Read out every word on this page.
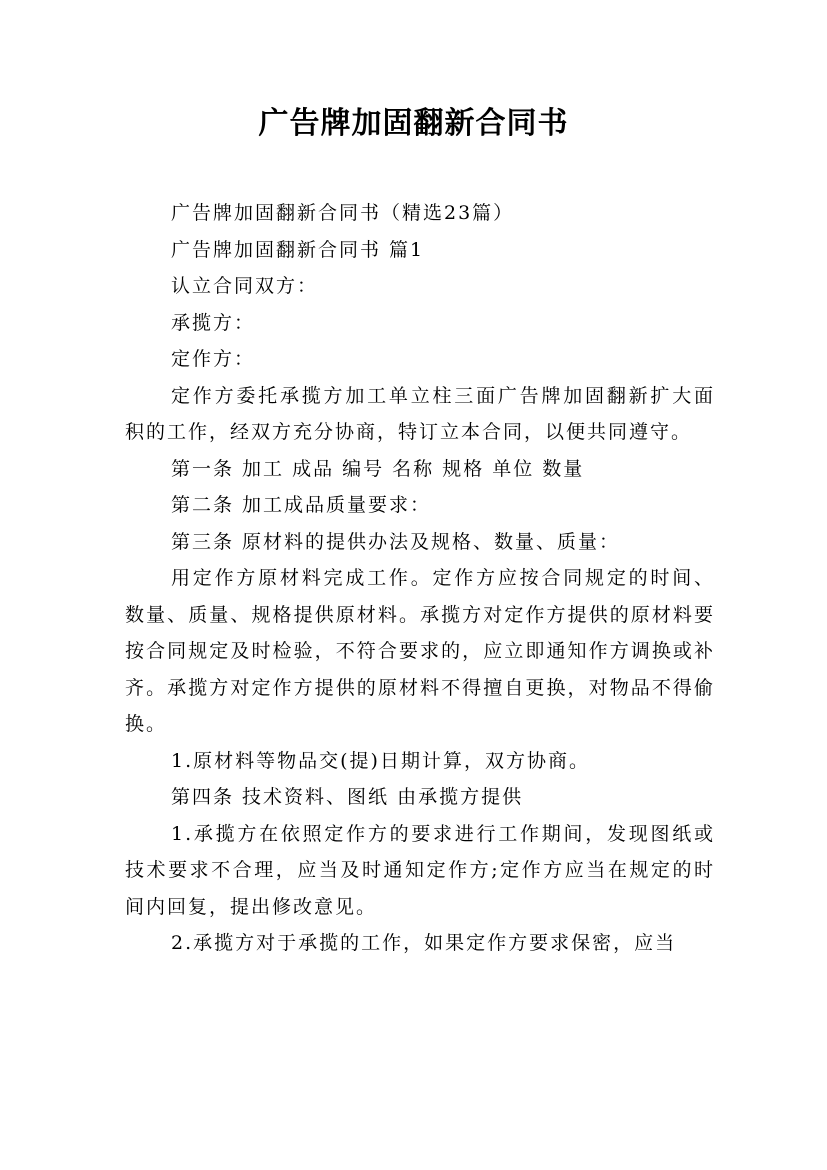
广告牌加固翻新合同书

广告牌加固翻新合同书（精选23篇）

广告牌加固翻新合同书 篇1

认立合同双方：

承揽方：

定作方：

定作方委托承揽方加工单立柱三面广告牌加固翻新扩大面积的工作，经双方充分协商，特订立本合同，以便共同遵守。

第一条 加工 成品 编号 名称 规格 单位 数量

第二条 加工成品质量要求：

第三条 原材料的提供办法及规格、数量、质量：

用定作方原材料完成工作。定作方应按合同规定的时间、数量、质量、规格提供原材料。承揽方对定作方提供的原材料要按合同规定及时检验，不符合要求的，应立即通知作方调换或补齐。承揽方对定作方提供的原材料不得擅自更换，对物品不得偷换。

1.原材料等物品交(提)日期计算，双方协商。

第四条 技术资料、图纸 由承揽方提供

1.承揽方在依照定作方的要求进行工作期间，发现图纸或技术要求不合理，应当及时通知定作方;定作方应当在规定的时间内回复，提出修改意见。

2.承揽方对于承揽的工作，如果定作方要求保密，应当
